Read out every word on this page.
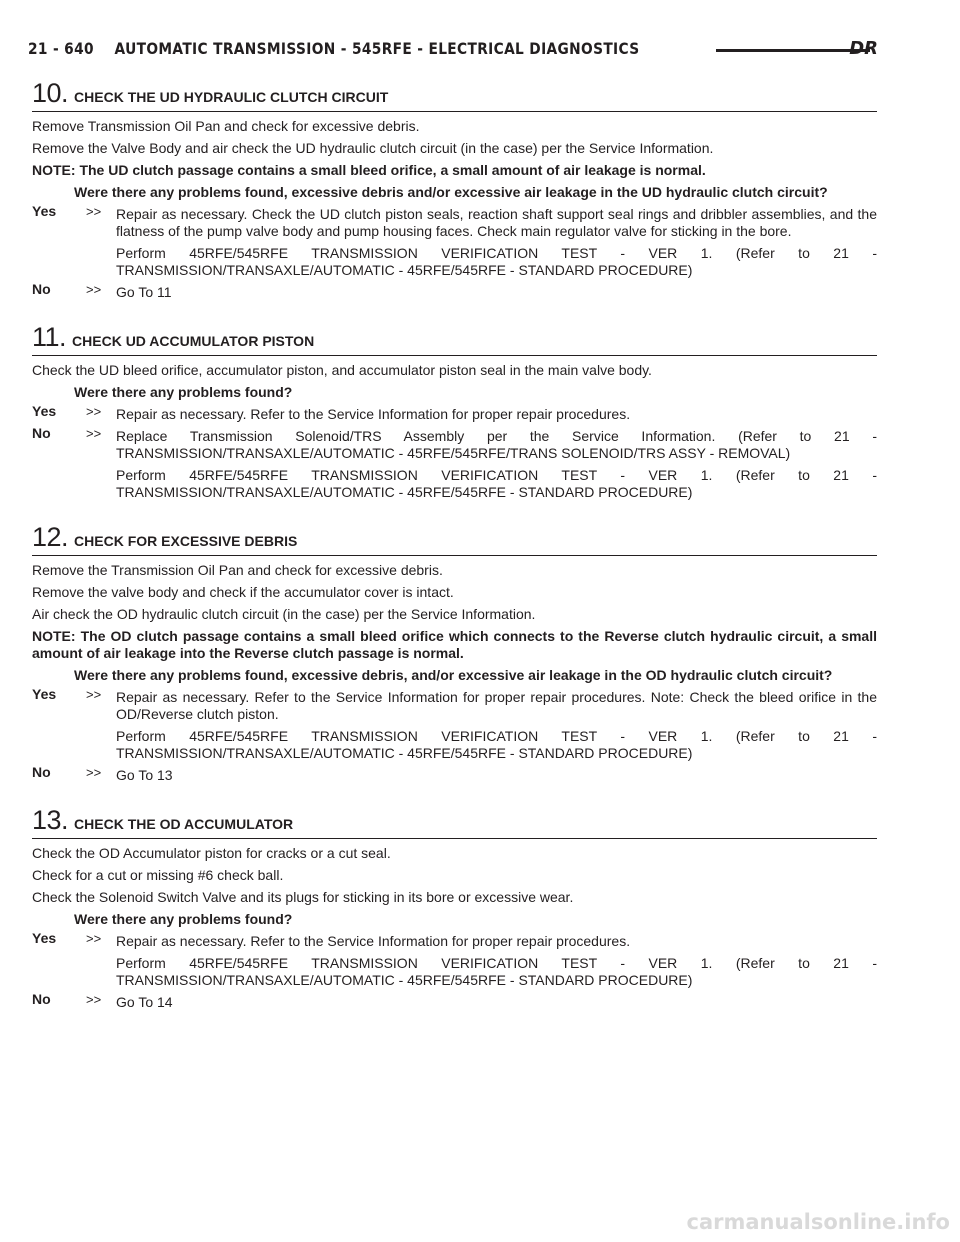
21 - 640 AUTOMATIC TRANSMISSION - 545RFE - ELECTRICAL DIAGNOSTICS	DR
10. CHECK THE UD HYDRAULIC CLUTCH CIRCUIT

Remove Transmission Oil Pan and check for excessive debris.

Remove the Valve Body and air check the UD hydraulic clutch circuit (in the case) per the Service Information.

NOTE: The UD clutch passage contains a small bleed orifice, a small amount of air leakage is normal.

Were there any problems found, excessive debris and/or excessive air leakage in the UD hydraulic clutch circuit?

Yes	>>	Repair as necessary. Check the UD clutch piston seals, reaction shaft support seal rings and dribbler assemblies, and the flatness of the pump valve body and pump housing faces. Check main regulator valve for sticking in the bore.

Perform 45RFE/545RFE TRANSMISSION VERIFICATION TEST - VER 1. (Refer to 21 - TRANSMISSION/TRANSAXLE/AUTOMATIC - 45RFE/545RFE - STANDARD PROCEDURE)

No	>>	Go To 11

11. CHECK UD ACCUMULATOR PISTON

Check the UD bleed orifice, accumulator piston, and accumulator piston seal in the main valve body.

Were there any problems found?

Yes	>>	Repair as necessary. Refer to the Service Information for proper repair procedures.

No	>>	Replace Transmission Solenoid/TRS Assembly per the Service Information. (Refer to 21 - TRANSMISSION/TRANSAXLE/AUTOMATIC - 45RFE/545RFE/TRANS SOLENOID/TRS ASSY - REMOVAL)

Perform 45RFE/545RFE TRANSMISSION VERIFICATION TEST - VER 1. (Refer to 21 - TRANSMISSION/TRANSAXLE/AUTOMATIC - 45RFE/545RFE - STANDARD PROCEDURE)

12. CHECK FOR EXCESSIVE DEBRIS

Remove the Transmission Oil Pan and check for excessive debris.

Remove the valve body and check if the accumulator cover is intact.

Air check the OD hydraulic clutch circuit (in the case) per the Service Information.

NOTE: The OD clutch passage contains a small bleed orifice which connects to the Reverse clutch hydraulic circuit, a small amount of air leakage into the Reverse clutch passage is normal.

Were there any problems found, excessive debris, and/or excessive air leakage in the OD hydraulic clutch circuit?

Yes	>>	Repair as necessary. Refer to the Service Information for proper repair procedures. Note: Check the bleed orifice in the OD/Reverse clutch piston.

Perform 45RFE/545RFE TRANSMISSION VERIFICATION TEST - VER 1. (Refer to 21 - TRANSMISSION/TRANSAXLE/AUTOMATIC - 45RFE/545RFE - STANDARD PROCEDURE)

No	>>	Go To 13

13. CHECK THE OD ACCUMULATOR

Check the OD Accumulator piston for cracks or a cut seal.

Check for a cut or missing #6 check ball.

Check the Solenoid Switch Valve and its plugs for sticking in its bore or excessive wear.

Were there any problems found?

Yes	>>	Repair as necessary. Refer to the Service Information for proper repair procedures.

Perform 45RFE/545RFE TRANSMISSION VERIFICATION TEST - VER 1. (Refer to 21 - TRANSMISSION/TRANSAXLE/AUTOMATIC - 45RFE/545RFE - STANDARD PROCEDURE)

No	>>	Go To 14

carmanualsonline.info
